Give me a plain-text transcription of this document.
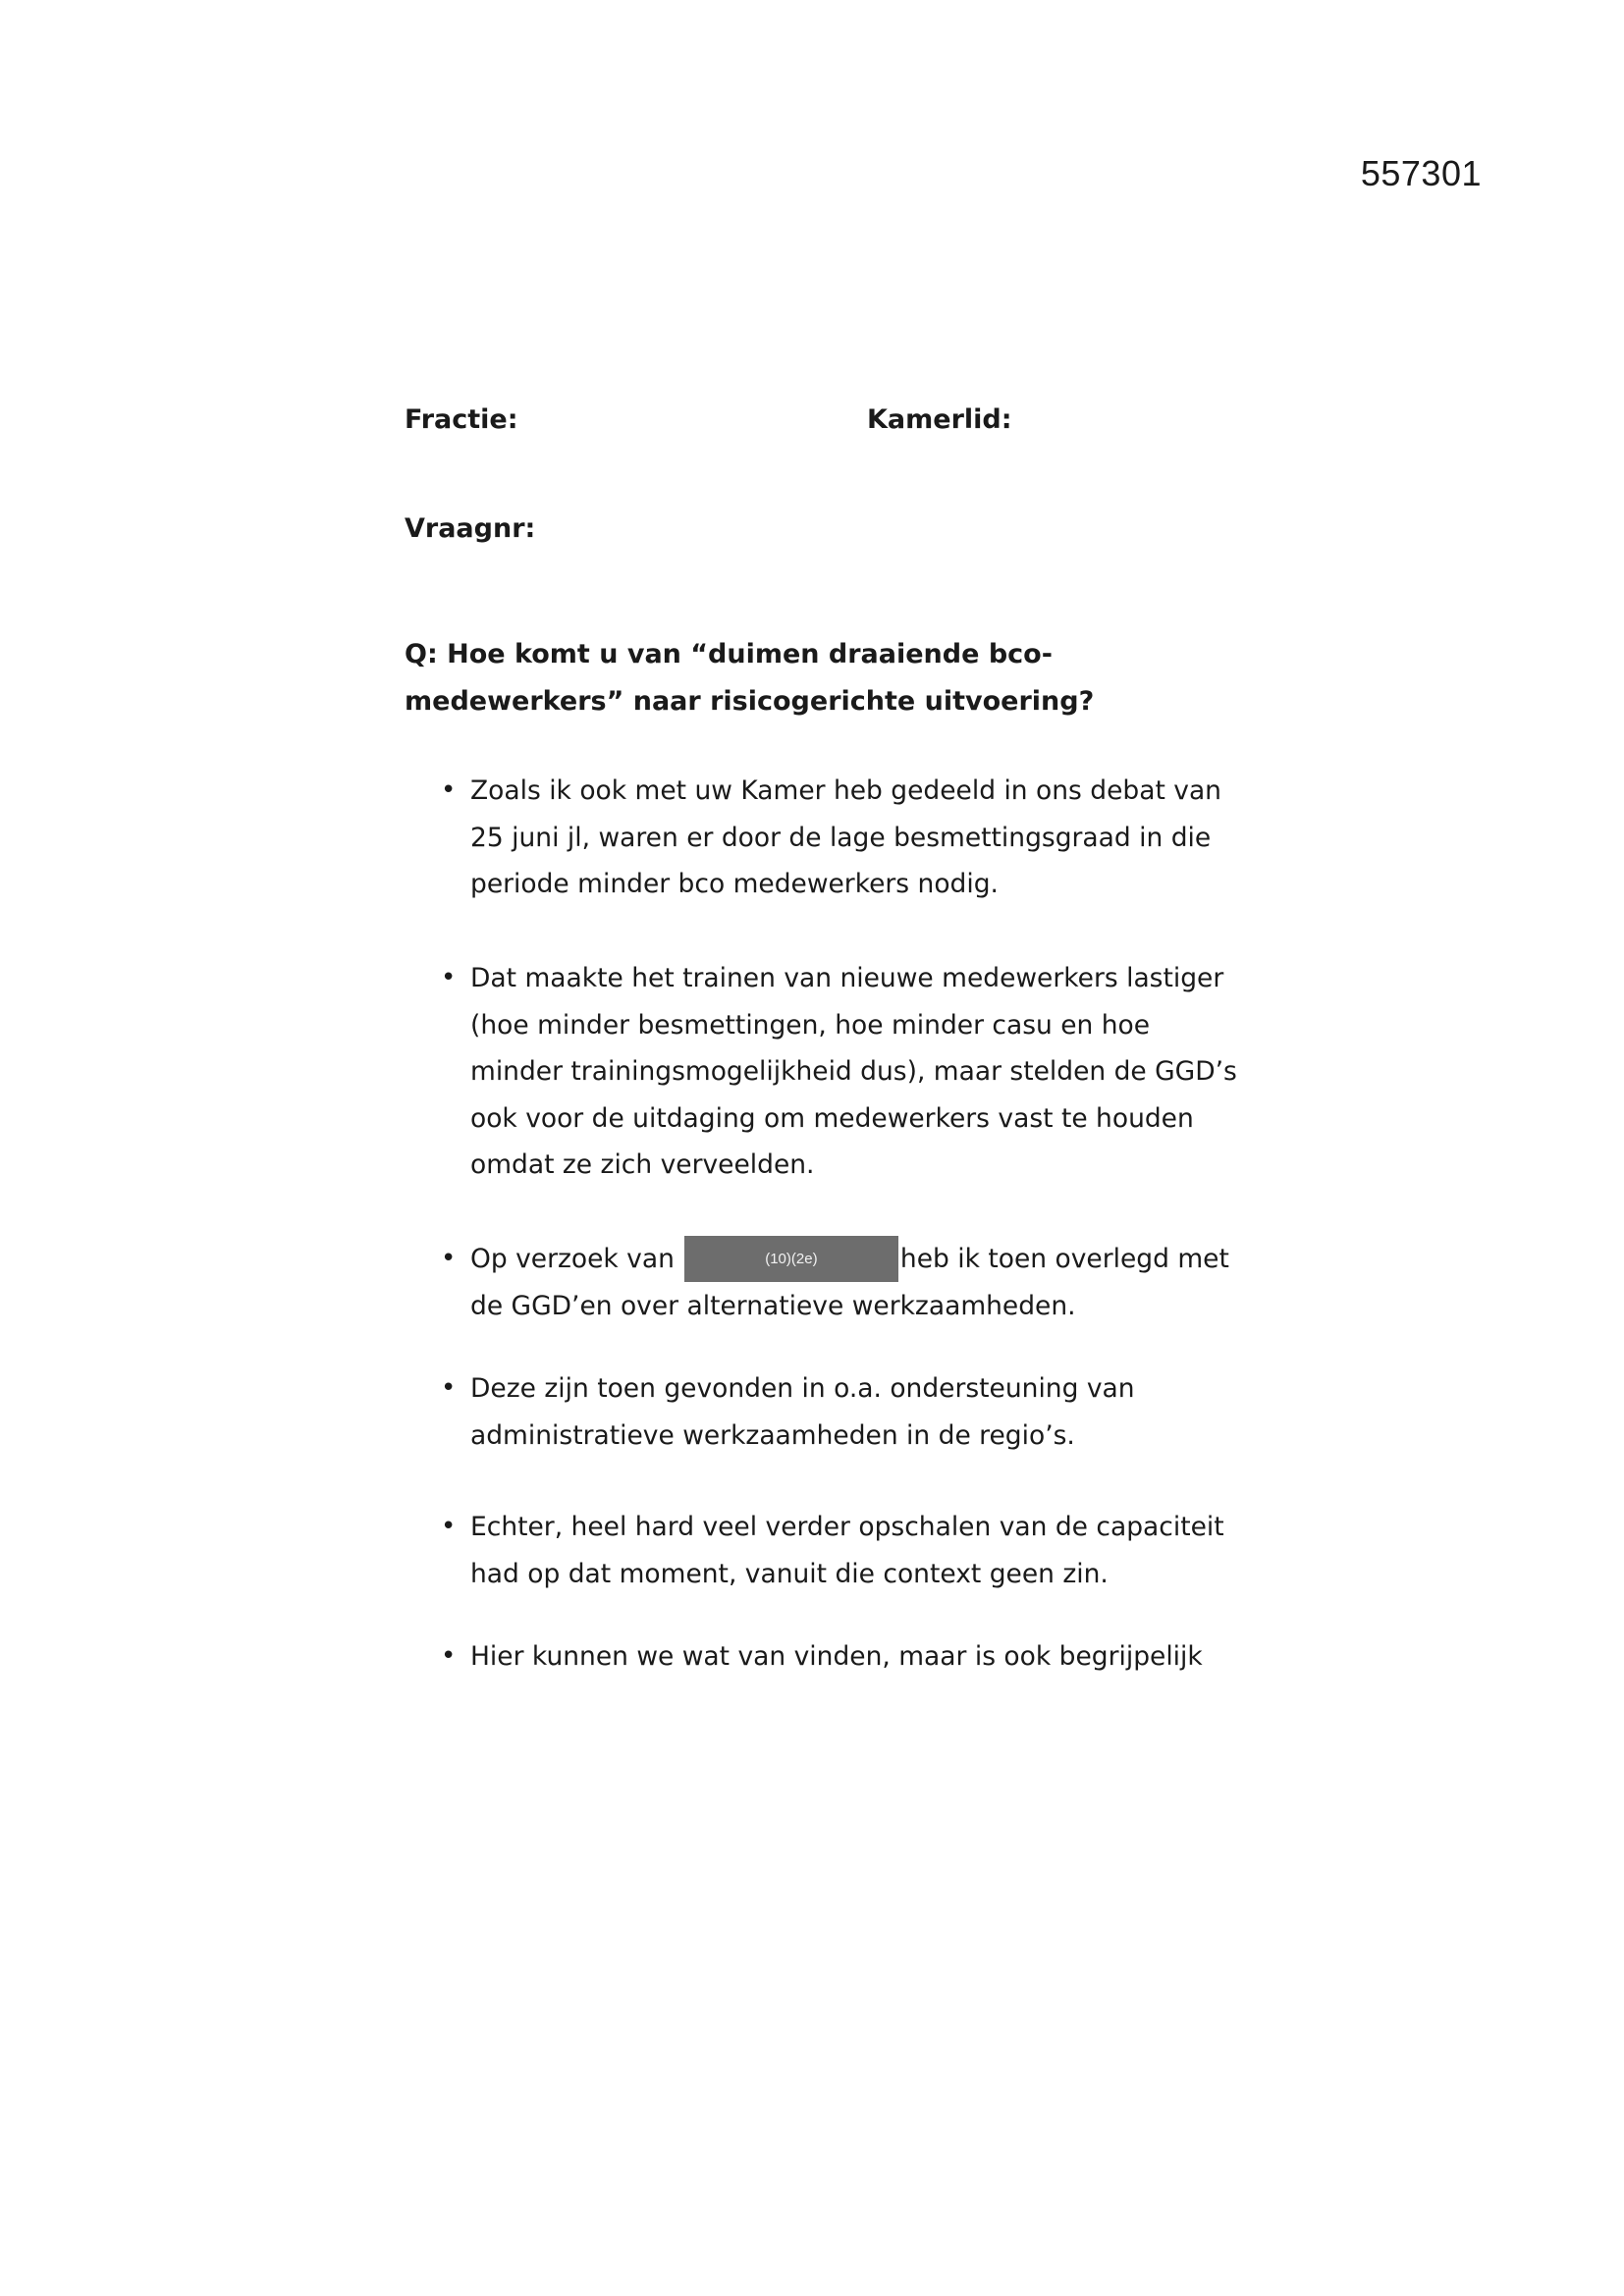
557301
Fractie:	Kamerlid:
Vraagnr:
Q: Hoe komt u van “duimen draaiende bco-
medewerkers” naar risicogerichte uitvoering?
• Zoals ik ook met uw Kamer heb gedeeld in ons debat van
25 juni jl, waren er door de lage besmettingsgraad in die
periode minder bco medewerkers nodig.
• Dat maakte het trainen van nieuwe medewerkers lastiger
(hoe minder besmettingen, hoe minder casu en hoe
minder trainingsmogelijkheid dus), maar stelden de GGD’s
ook voor de uitdaging om medewerkers vast te houden
omdat ze zich verveelden.
• Op verzoek van	(10)(2e)	heb ik toen overlegd met
de GGD’en over alternatieve werkzaamheden.
• Deze zijn toen gevonden in o.a. ondersteuning van
administratieve werkzaamheden in de regio’s.
• Echter, heel hard veel verder opschalen van de capaciteit
had op dat moment, vanuit die context geen zin.
• Hier kunnen we wat van vinden, maar is ook begrijpelijk
